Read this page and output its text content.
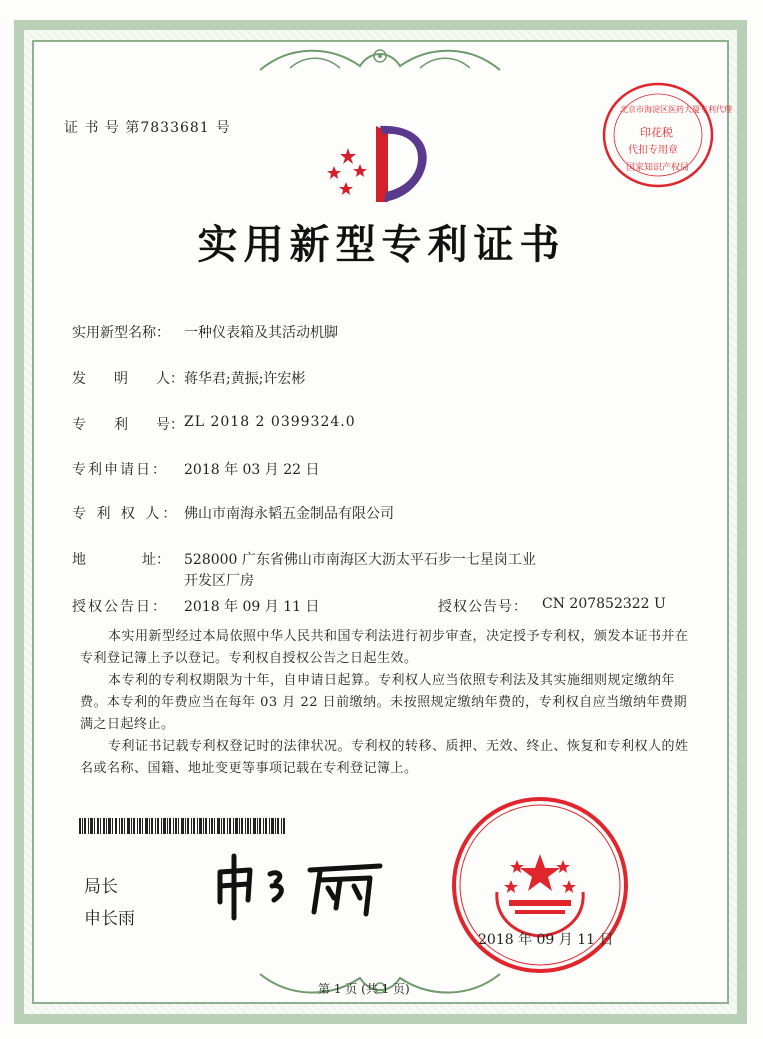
证 书 号 第7833681 号
北京市海淀区医药大厦专利代理
印花税
代扣专用章
国家知识产权局
实用新型专利证书
实用新型名称： 一种仪表箱及其活动机脚
发　　明　　人： 蒋华君;黄振;许宏彬
专　　利　　号： ZL 2018 2 0399324.0
专利申请日： 2018 年 03 月 22 日
专 利 权 人： 佛山市南海永韬五金制品有限公司
地　　　　址： 528000 广东省佛山市南海区大沥太平石步一七星岗工业
开发区厂房
授权公告日： 2018 年 09 月 11 日	授权公告号： CN 207852322 U
本实用新型经过本局依照中华人民共和国专利法进行初步审查，决定授予专利权，颁发本证书并在专利登记簿上予以登记。专利权自授权公告之日起生效。
本专利的专利权期限为十年，自申请日起算。专利权人应当依照专利法及其实施细则规定缴纳年费。本专利的年费应当在每年 03 月 22 日前缴纳。未按照规定缴纳年费的，专利权自应当缴纳年费期满之日起终止。
专利证书记载专利权登记时的法律状况。专利权的转移、质押、无效、终止、恢复和专利权人的姓名或名称、国籍、地址变更等事项记载在专利登记簿上。
局长
申长雨
2018 年 09 月 11 日
第 1 页 (共 1 页)
